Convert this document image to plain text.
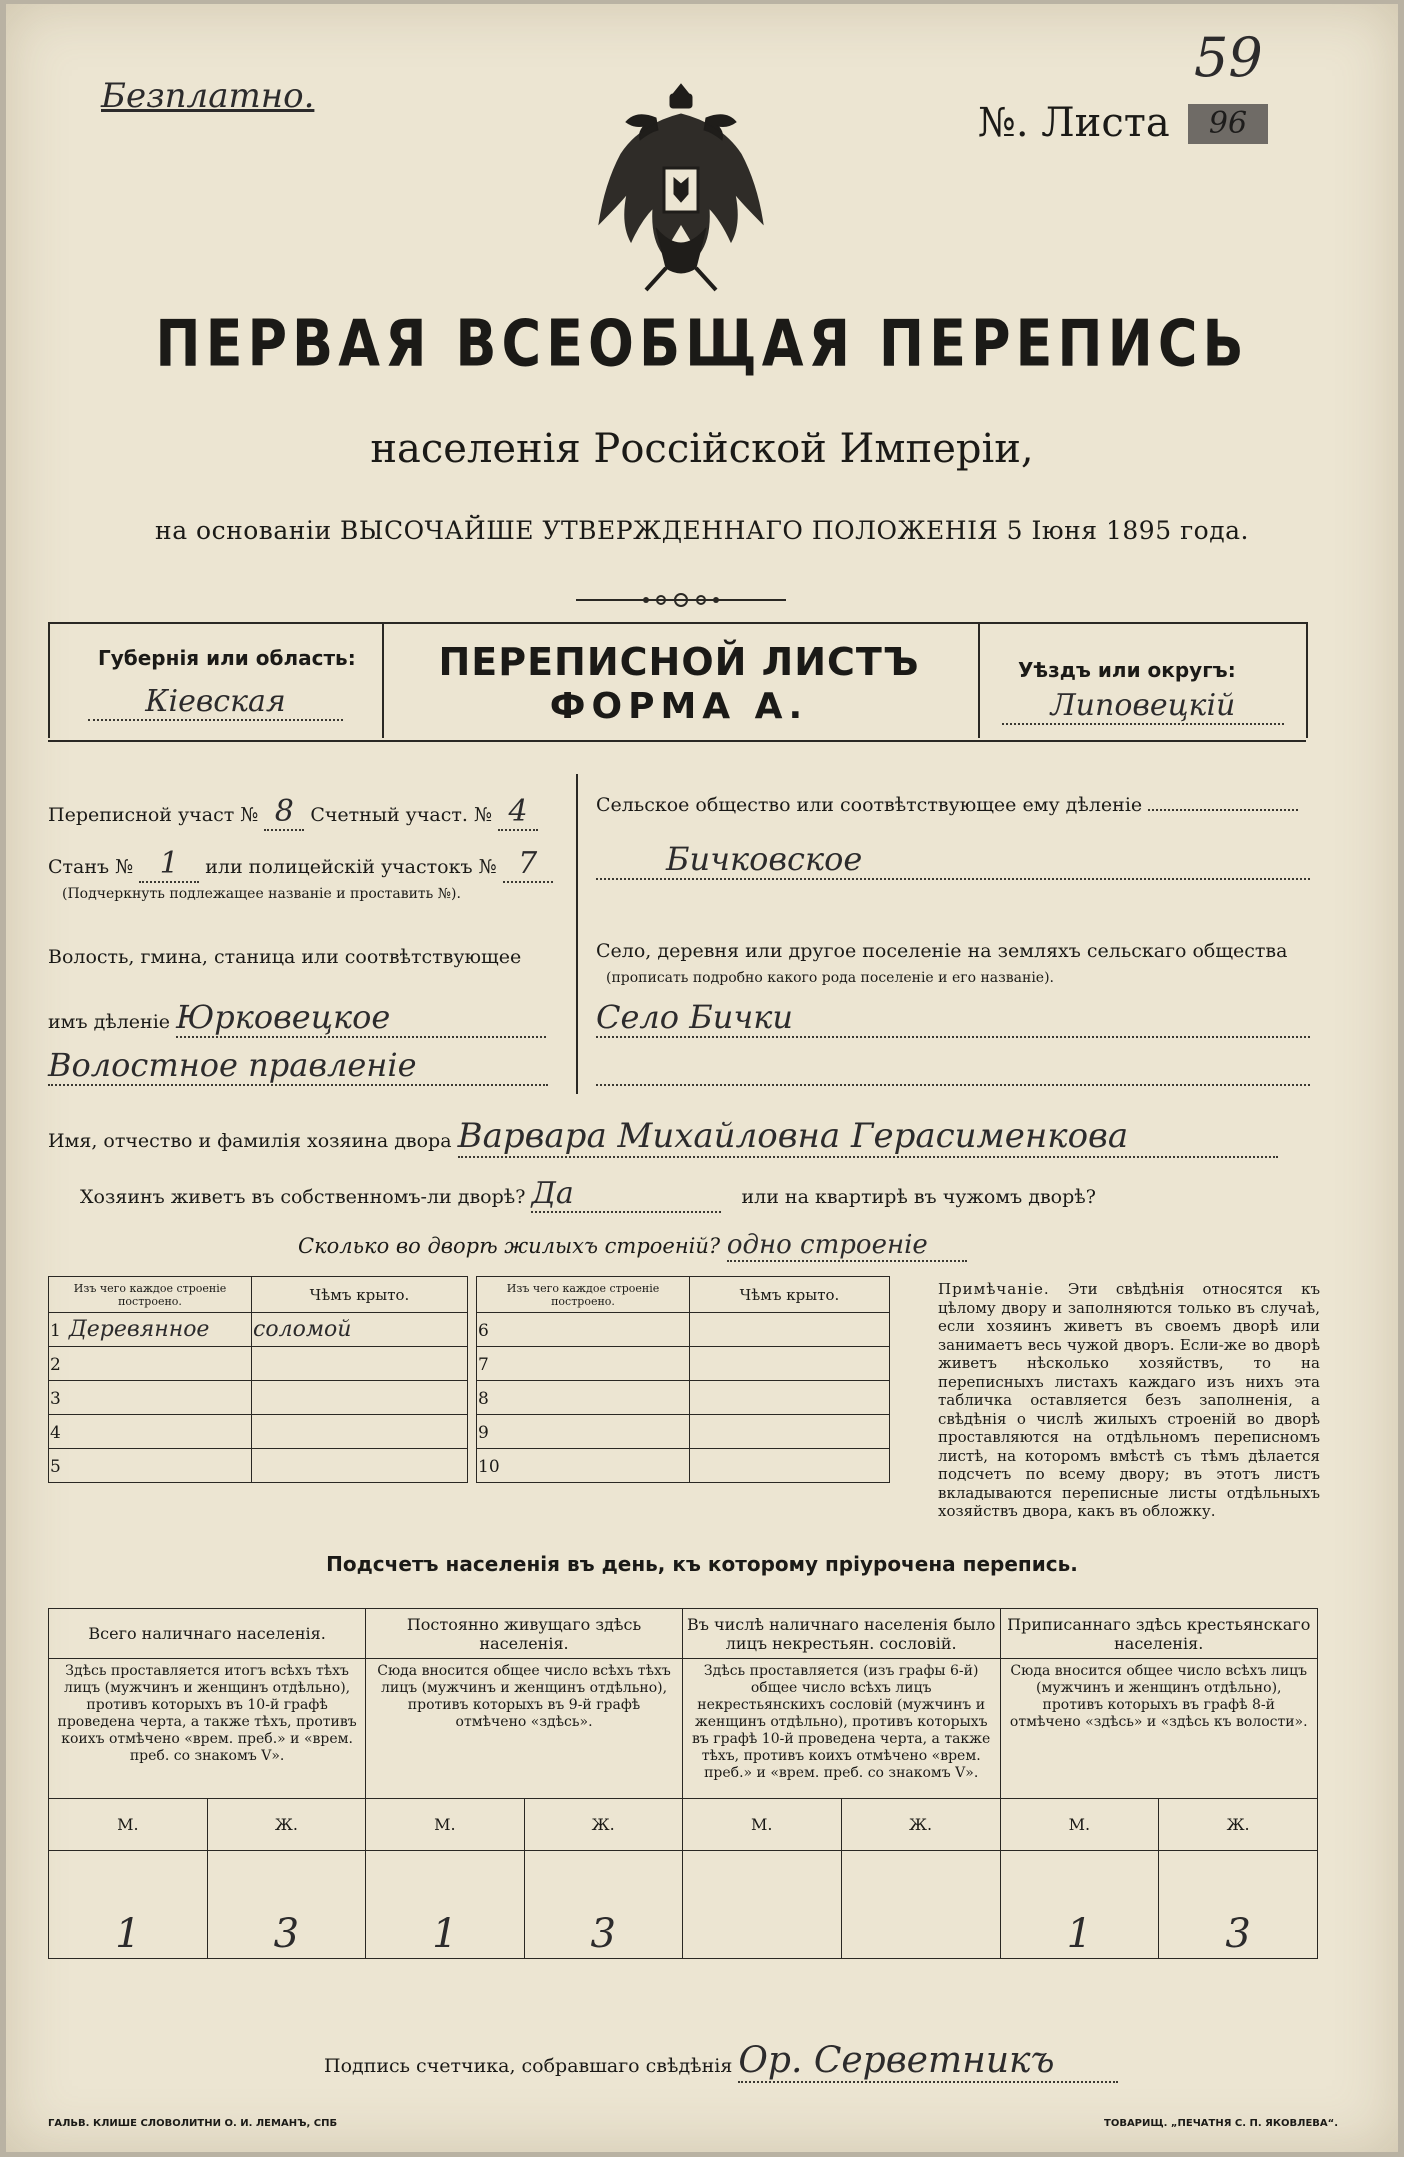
Безплатно.
59
№. Листа	96
ПЕРВАЯ ВСЕОБЩАЯ ПЕРЕПИСЬ
населенія Россійской Имперіи,
на основаніи ВЫСОЧАЙШЕ УТВЕРЖДЕННАГО ПОЛОЖЕНІЯ 5 Іюня 1895 года.
Губернія или область:
Кіевская
ПЕРЕПИСНОЙ ЛИСТЪ
ФОРМА А.
Уѣздъ или округъ:
Липовецкій
Переписной участ № 8 Счетный участ. № 4
Станъ № 1 или полицейскій участокъ № 7
(Подчеркнуть подлежащее названіе и проставить №).
Волость, гмина, станица или соотвѣтствующее
имъ дѣленіе Юрковецкое
Волостное правленіе
Сельское общество или соотвѣтствующее ему дѣленіе
Бичковское
Село, деревня или другое поселеніе на земляхъ сельскаго общества
(прописать подробно какого рода поселеніе и его названіе).
Село Бички
Имя, отчество и фамилія хозяина двора Варвара Михайловна Герасименкова
Хозяинъ живетъ въ собственномъ-ли дворѣ? Да	или на квартирѣ въ чужомъ дворѣ?
Сколько во дворѣ жилыхъ строеній? одно строеніе
Изъ чего каждое строеніе построено.	Чѣмъ крыто.
1 Деревянное	соломой
2	
3	
4	
5	
Изъ чего каждое строеніе построено.	Чѣмъ крыто.
6	
7	
8	
9	
10	
Примѣчаніе. Эти свѣдѣнія относятся къ цѣлому двору и заполняются только въ случаѣ, если хозяинъ живетъ въ своемъ дворѣ или занимаетъ весь чужой дворъ. Если-же во дворѣ живетъ нѣсколько хозяйствъ, то на переписныхъ листахъ каждаго изъ нихъ эта табличка оставляется безъ заполненія, а свѣдѣнія о числѣ жилыхъ строеній во дворѣ проставляются на отдѣльномъ переписномъ листѣ, на которомъ вмѣстѣ съ тѣмъ дѣлается подсчетъ по всему двору; въ этотъ листъ вкладываются переписные листы отдѣльныхъ хозяйствъ двора, какъ въ обложку.
Подсчетъ населенія въ день, къ которому пріурочена перепись.
Всего наличнаго населенія.		Постоянно живущаго здѣсь населенія.		Въ числѣ наличнаго населенія было лицъ некрестьян. сословій.		Приписаннаго здѣсь крестьянскаго населенія.	
Здѣсь проставляется итогъ всѣхъ тѣхъ лицъ (мужчинъ и женщинъ отдѣльно), противъ которыхъ въ 10-й графѣ проведена черта, а также тѣхъ, противъ коихъ отмѣчено «врем. преб.» и «врем. преб. со знакомъ V».		Сюда вносится общее число всѣхъ тѣхъ лицъ (мужчинъ и женщинъ отдѣльно), противъ которыхъ въ 9-й графѣ отмѣчено «здѣсь».		Здѣсь проставляется (изъ графы 6-й) общее число всѣхъ лицъ некрестьянскихъ сословій (мужчинъ и женщинъ отдѣльно), противъ которыхъ въ графѣ 10-й проведена черта, а также тѣхъ, противъ коихъ отмѣчено «врем. преб.» и «врем. преб. со знакомъ V».		Сюда вносится общее число всѣхъ лицъ (мужчинъ и женщинъ отдѣльно), противъ которыхъ въ графѣ 8-й отмѣчено «здѣсь» и «здѣсь къ волости».	
М.	Ж.	М.	Ж.	М.	Ж.	М.	Ж.
1	3	1	3			1	3
Подпись счетчика, собравшаго свѣдѣнія Ор. Серветникъ
ГАЛЬВ. КЛИШЕ СЛОВОЛИТНИ О. И. ЛЕМАНЪ, СПБ	ТОВАРИЩ. „ПЕЧАТНЯ С. П. ЯКОВЛЕВА“.
